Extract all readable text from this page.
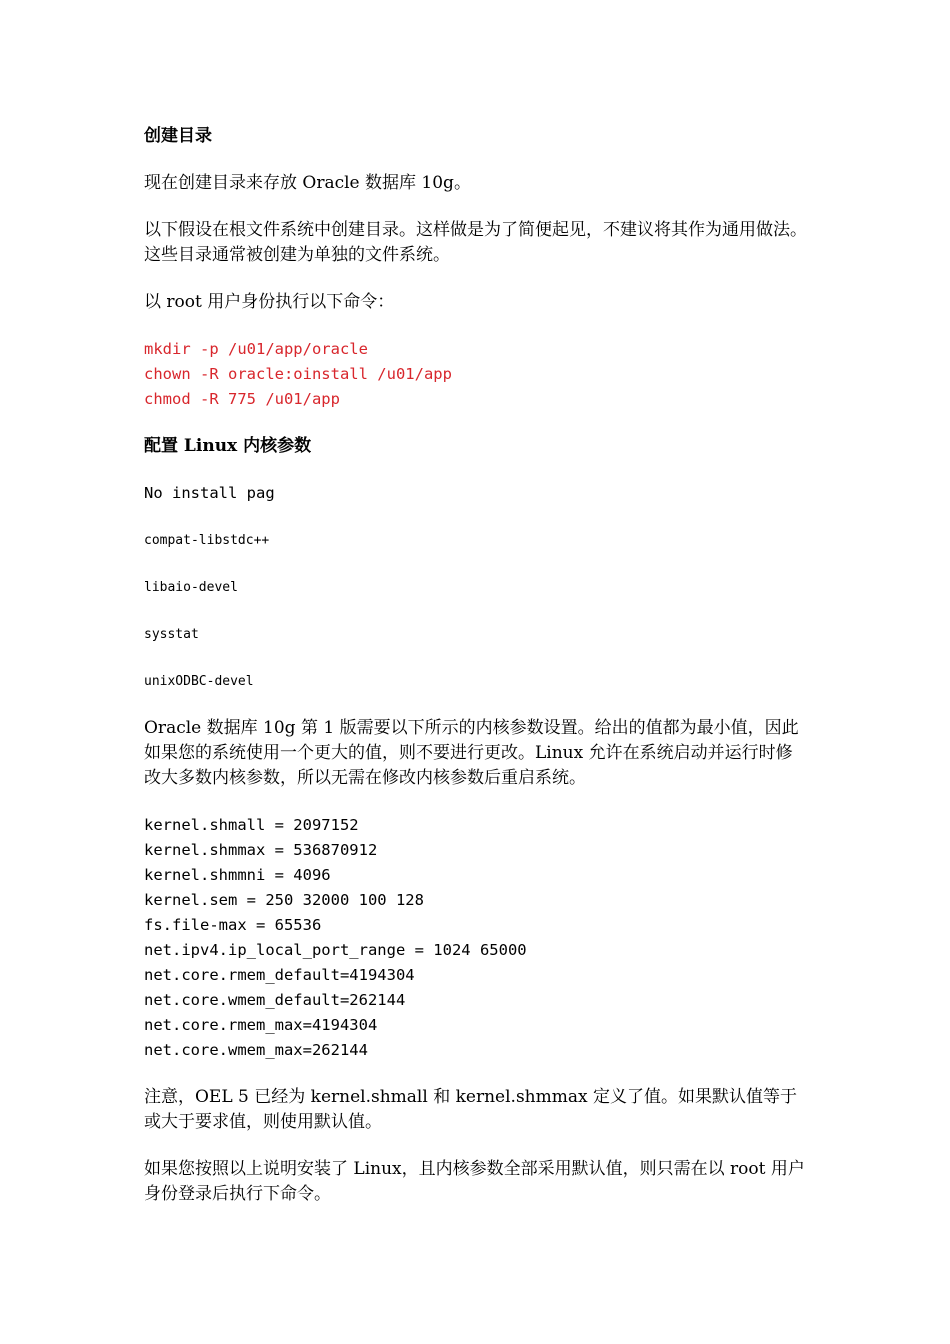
创建目录

现在创建目录来存放 Oracle 数据库 10g。

以下假设在根文件系统中创建目录。这样做是为了简便起见，不建议将其作为通用做法。这些目录通常被创建为单独的文件系统。

以 root 用户身份执行以下命令：

mkdir -p /u01/app/oracle

chown -R oracle:oinstall /u01/app

chmod -R 775 /u01/app

配置 Linux 内核参数

No install pag

compat-libstdc++

libaio-devel

sysstat

unixODBC-devel

Oracle 数据库 10g 第 1 版需要以下所示的内核参数设置。给出的值都为最小值，因此如果您的系统使用一个更大的值，则不要进行更改。Linux 允许在系统启动并运行时修改大多数内核参数，所以无需在修改内核参数后重启系统。

kernel.shmall = 2097152

kernel.shmmax = 536870912

kernel.shmmni = 4096

kernel.sem = 250 32000 100 128

fs.file-max = 65536

net.ipv4.ip_local_port_range = 1024 65000

net.core.rmem_default=4194304

net.core.wmem_default=262144

net.core.rmem_max=4194304

net.core.wmem_max=262144

注意，OEL 5 已经为 kernel.shmall 和 kernel.shmmax 定义了值。如果默认值等于或大于要求值，则使用默认值。

如果您按照以上说明安装了 Linux，且内核参数全部采用默认值，则只需在以 root 用户身份登录后执行下命令。
